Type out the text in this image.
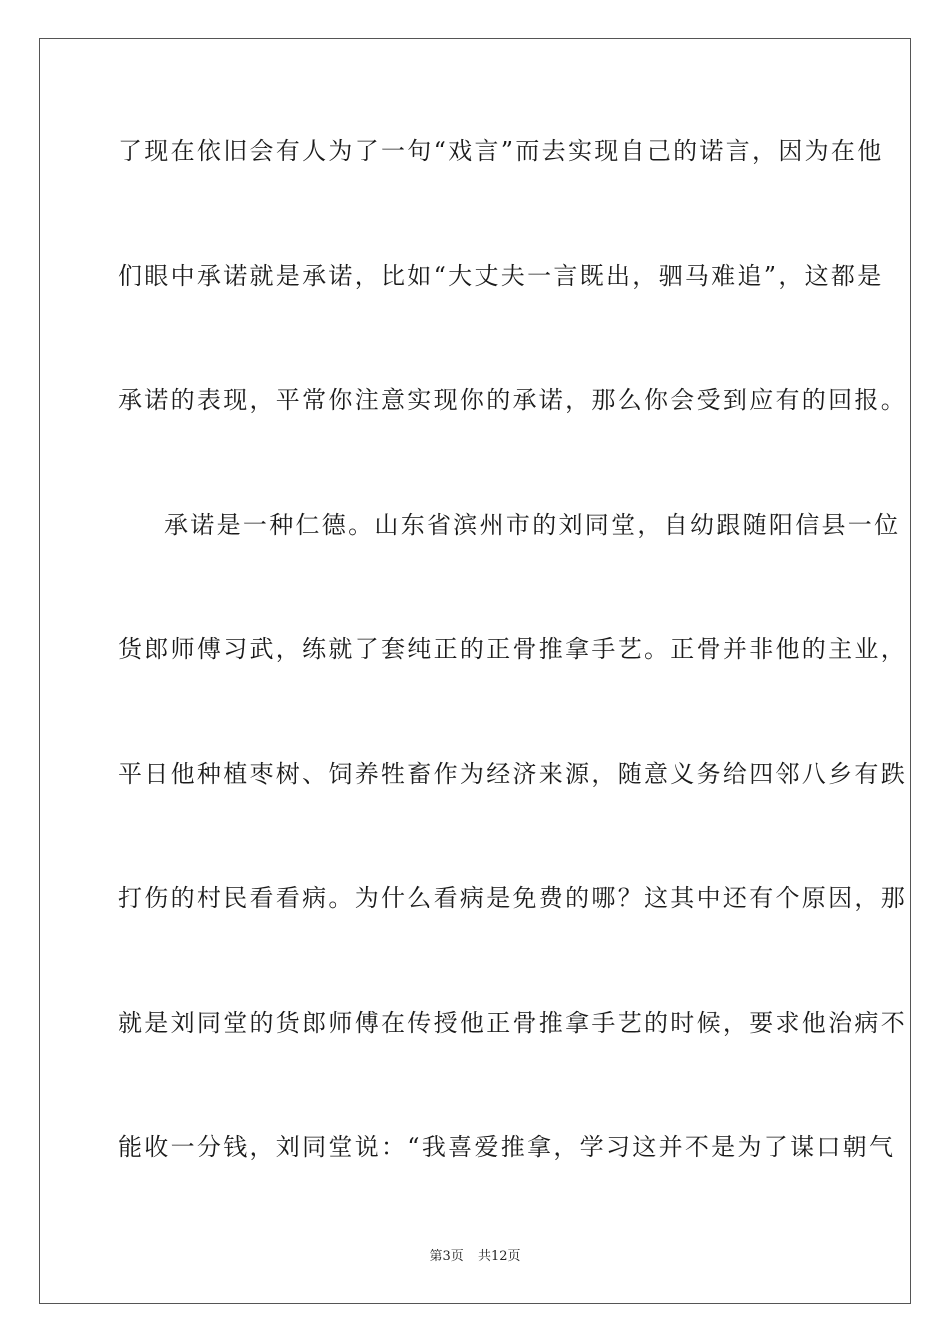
了现在依旧会有人为了一句“戏言”而去实现自己的诺言，因为在他
们眼中承诺就是承诺，比如“大丈夫一言既出，驷马难追”，这都是
承诺的表现，平常你注意实现你的承诺，那么你会受到应有的回报。
承诺是一种仁德。山东省滨州市的刘同堂，自幼跟随阳信县一位
货郎师傅习武，练就了套纯正的正骨推拿手艺。正骨并非他的主业，
平日他种植枣树、饲养牲畜作为经济来源，随意义务给四邻八乡有跌
打伤的村民看看病。为什么看病是免费的哪？这其中还有个原因，那
就是刘同堂的货郎师傅在传授他正骨推拿手艺的时候，要求他治病不
能收一分钱，刘同堂说：“我喜爱推拿，学习这并不是为了谋口朝气
第3页 共12页
